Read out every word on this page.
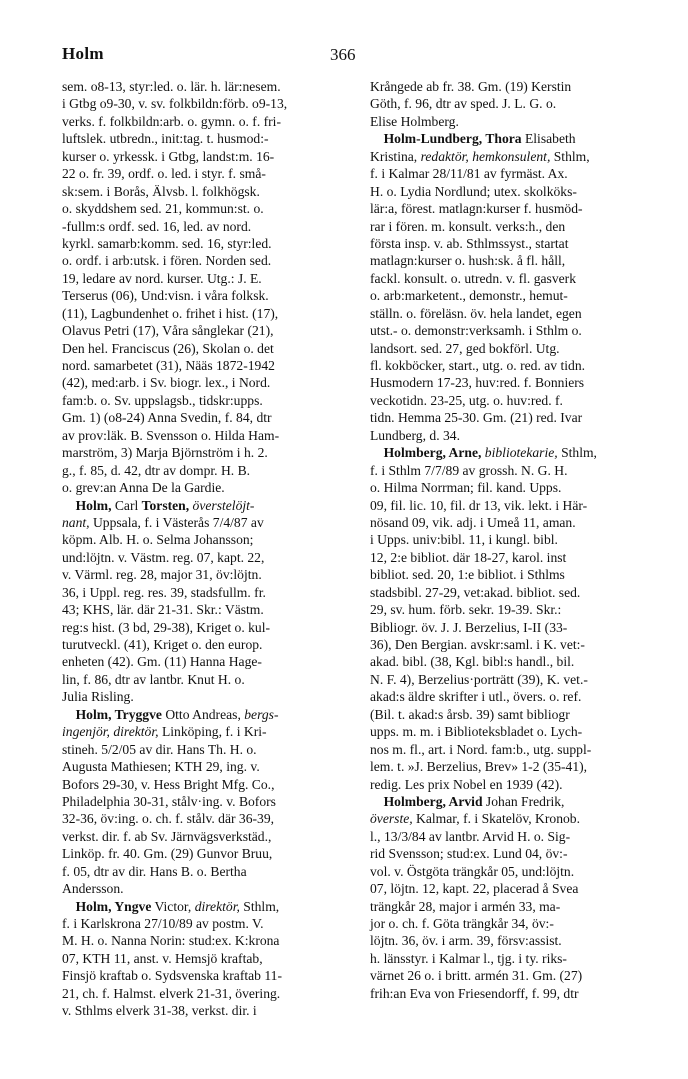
Holm	366
sem. o8-13, styr:led. o. lär. h. lär:nesem.
i Gtbg o9-30, v. sv. folkbildn:förb. o9-13,
verks. f. folkbildn:arb. o. gymn. o. f. fri-
luftslek. utbredn., init:tag. t. husmod:-
kurser o. yrkessk. i Gtbg, landst:m. 16-
22 o. fr. 39, ordf. o. led. i styr. f. små-
sk:sem. i Borås, Älvsb. l. folkhögsk.
o. skyddshem sed. 21, kommun:st. o.
-fullm:s ordf. sed. 16, led. av nord.
kyrkl. samarb:komm. sed. 16, styr:led.
o. ordf. i arb:utsk. i fören. Norden sed.
19, ledare av nord. kurser. Utg.: J. E.
Terserus (06), Und:visn. i våra folksk.
(11), Lagbundenhet o. frihet i hist. (17),
Olavus Petri (17), Våra sånglekar (21),
Den hel. Franciscus (26), Skolan o. det
nord. samarbetet (31), Nääs 1872-1942
(42), med:arb. i Sv. biogr. lex., i Nord.
fam:b. o. Sv. uppslagsb., tidskr:upps.
Gm. 1) (o8-24) Anna Svedin, f. 84, dtr
av prov:läk. B. Svensson o. Hilda Ham-
marström, 3) Marja Björnström i h. 2.
g., f. 85, d. 42, dtr av dompr. H. B.
o. grev:an Anna De la Gardie.
Holm, Carl Torsten, överstelöjt-
nant, Uppsala, f. i Västerås 7/4/87 av
köpm. Alb. H. o. Selma Johansson;
und:löjtn. v. Västm. reg. 07, kapt. 22,
v. Värml. reg. 28, major 31, öv:löjtn.
36, i Uppl. reg. res. 39, stadsfullm. fr.
43; KHS, lär. där 21-31. Skr.: Västm.
reg:s hist. (3 bd, 29-38), Kriget o. kul-
turutveckl. (41), Kriget o. den europ.
enheten (42). Gm. (11) Hanna Hage-
lin, f. 86, dtr av lantbr. Knut H. o.
Julia Risling.
Holm, Tryggve Otto Andreas, bergs-
ingenjör, direktör, Linköping, f. i Kri-
stineh. 5/2/05 av dir. Hans Th. H. o.
Augusta Mathiesen; KTH 29, ing. v.
Bofors 29-30, v. Hess Bright Mfg. Co.,
Philadelphia 30-31, stålv·ing. v. Bofors
32-36, öv:ing. o. ch. f. stålv. där 36-39,
verkst. dir. f. ab Sv. Järnvägsverkstäd.,
Linköp. fr. 40. Gm. (29) Gunvor Bruu,
f. 05, dtr av dir. Hans B. o. Bertha
Andersson.
Holm, Yngve Victor, direktör, Sthlm,
f. i Karlskrona 27/10/89 av postm. V.
M. H. o. Nanna Norin: stud:ex. K:krona
07, KTH 11, anst. v. Hemsjö kraftab,
Finsjö kraftab o. Sydsvenska kraftab 11-
21, ch. f. Halmst. elverk 21-31, övering.
v. Sthlms elverk 31-38, verkst. dir. i
Krångede ab fr. 38. Gm. (19) Kerstin
Göth, f. 96, dtr av sped. J. L. G. o.
Elise Holmberg.
Holm-Lundberg, Thora Elisabeth
Kristina, redaktör, hemkonsulent, Sthlm,
f. i Kalmar 28/11/81 av fyrmäst. Ax.
H. o. Lydia Nordlund; utex. skolköks-
lär:a, förest. matlagn:kurser f. husmöd-
rar i fören. m. konsult. verks:h., den
första insp. v. ab. Sthlmssyst., startat
matlagn:kurser o. hush:sk. å fl. håll,
fackl. konsult. o. utredn. v. fl. gasverk
o. arb:marketent., demonstr., hemut-
ställn. o. föreläsn. öv. hela landet, egen
utst.- o. demonstr:verksamh. i Sthlm o.
landsort. sed. 27, ged bokförl. Utg.
fl. kokböcker, start., utg. o. red. av tidn.
Husmodern 17-23, huv:red. f. Bonniers
veckotidn. 23-25, utg. o. huv:red. f.
tidn. Hemma 25-30. Gm. (21) red. Ivar
Lundberg, d. 34.
Holmberg, Arne, bibliotekarie, Sthlm,
f. i Sthlm 7/7/89 av grossh. N. G. H.
o. Hilma Norrman; fil. kand. Upps.
09, fil. lic. 10, fil. dr 13, vik. lekt. i Här-
nösand 09, vik. adj. i Umeå 11, aman.
i Upps. univ:bibl. 11, i kungl. bibl.
12, 2:e bibliot. där 18-27, karol. inst
bibliot. sed. 20, 1:e bibliot. i Sthlms
stadsbibl. 27-29, vet:akad. bibliot. sed.
29, sv. hum. förb. sekr. 19-39. Skr.:
Bibliogr. öv. J. J. Berzelius, I-II (33-
36), Den Bergian. avskr:saml. i K. vet:-
akad. bibl. (38, Kgl. bibl:s handl., bil.
N. F. 4), Berzelius·porträtt (39), K. vet.-
akad:s äldre skrifter i utl., övers. o. ref.
(Bil. t. akad:s årsb. 39) samt bibliogr
upps. m. m. i Biblioteksbladet o. Lych-
nos m. fl., art. i Nord. fam:b., utg. suppl-
lem. t. »J. Berzelius, Brev» 1-2 (35-41),
redig. Les prix Nobel en 1939 (42).
Holmberg, Arvid Johan Fredrik,
överste, Kalmar, f. i Skatelöv, Kronob.
l., 13/3/84 av lantbr. Arvid H. o. Sig-
rid Svensson; stud:ex. Lund 04, öv:-
vol. v. Östgöta trängkår 05, und:löjtn.
07, löjtn. 12, kapt. 22, placerad å Svea
trängkår 28, major i armén 33, ma-
jor o. ch. f. Göta trängkår 34, öv:-
löjtn. 36, öv. i arm. 39, försv:assist.
h. länsstyr. i Kalmar l., tjg. i ty. riks-
värnet 26 o. i britt. armén 31. Gm. (27)
frih:an Eva von Friesendorff, f. 99, dtr
